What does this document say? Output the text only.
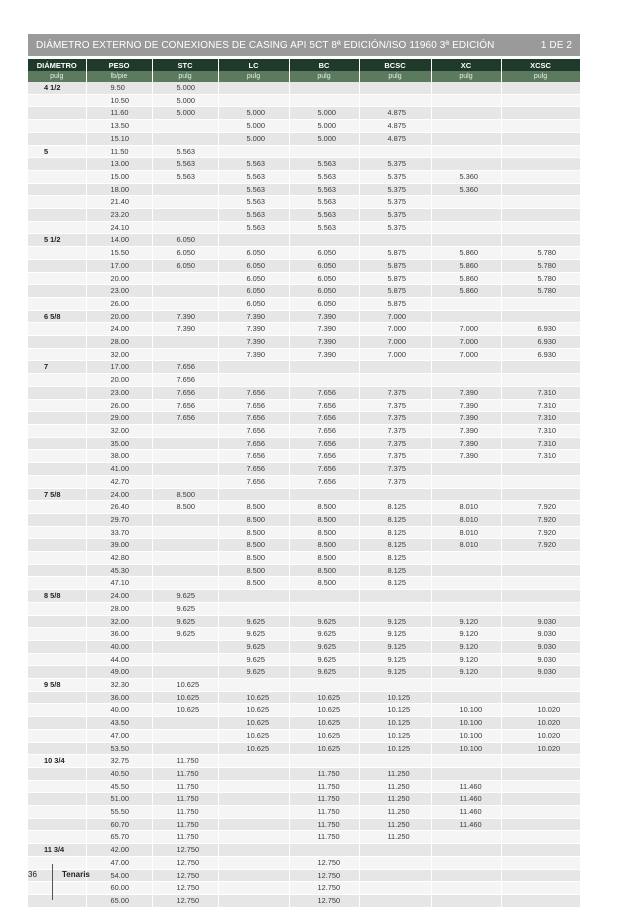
DIÁMETRO EXTERNO DE CONEXIONES DE CASING API 5CT 8ª EDICIÓN/ISO 11960 3ª EDICIÓN	1 DE 2
DIÁMETRO	PESO	STC	LC	BC	BCSC	XC	XCSC
pulg	lb/pie	pulg	pulg	pulg	pulg	pulg	pulg
4 1/2	9.50	5.000					
	10.50	5.000					
	11.60	5.000	5.000	5.000	4.875		
	13.50		5.000	5.000	4.875		
	15.10		5.000	5.000	4.875		
5	11.50	5.563					
	13.00	5.563	5.563	5.563	5.375		
	15.00	5.563	5.563	5.563	5.375	5.360	
	18.00		5.563	5.563	5.375	5.360	
	21.40		5.563	5.563	5.375		
	23.20		5.563	5.563	5.375		
	24.10		5.563	5.563	5.375		
5 1/2	14.00	6.050					
	15.50	6.050	6.050	6.050	5.875	5.860	5.780
	17.00	6.050	6.050	6.050	5.875	5.860	5.780
	20.00		6.050	6.050	5.875	5.860	5.780
	23.00		6.050	6.050	5.875	5.860	5.780
	26.00		6.050	6.050	5.875		
6 5/8	20.00	7.390	7.390	7.390	7.000		
	24.00	7.390	7.390	7.390	7.000	7.000	6.930
	28.00		7.390	7.390	7.000	7.000	6.930
	32.00		7.390	7.390	7.000	7.000	6.930
7	17.00	7.656					
	20.00	7.656					
	23.00	7.656	7.656	7.656	7.375	7.390	7.310
	26.00	7.656	7.656	7.656	7.375	7.390	7.310
	29.00	7.656	7.656	7.656	7.375	7.390	7.310
	32.00		7.656	7.656	7.375	7.390	7.310
	35.00		7.656	7.656	7.375	7.390	7.310
	38.00		7.656	7.656	7.375	7.390	7.310
	41.00		7.656	7.656	7.375		
	42.70		7.656	7.656	7.375		
7 5/8	24.00	8.500					
	26.40	8.500	8.500	8.500	8.125	8.010	7.920
	29.70		8.500	8.500	8.125	8.010	7.920
	33.70		8.500	8.500	8.125	8.010	7.920
	39.00		8.500	8.500	8.125	8.010	7.920
	42.80		8.500	8.500	8.125		
	45.30		8.500	8.500	8.125		
	47.10		8.500	8.500	8.125		
8 5/8	24.00	9.625					
	28.00	9.625					
	32.00	9.625	9.625	9.625	9.125	9.120	9.030
	36.00	9.625	9.625	9.625	9.125	9.120	9.030
	40.00		9.625	9.625	9.125	9.120	9.030
	44.00		9.625	9.625	9.125	9.120	9.030
	49.00		9.625	9.625	9.125	9.120	9.030
9 5/8	32.30	10.625					
	36.00	10.625	10.625	10.625	10.125		
	40.00	10.625	10.625	10.625	10.125	10.100	10.020
	43.50		10.625	10.625	10.125	10.100	10.020
	47.00		10.625	10.625	10.125	10.100	10.020
	53.50		10.625	10.625	10.125	10.100	10.020
10 3/4	32.75	11.750					
	40.50	11.750		11.750	11.250		
	45.50	11.750		11.750	11.250	11.460	
	51.00	11.750		11.750	11.250	11.460	
	55.50	11.750		11.750	11.250	11.460	
	60.70	11.750		11.750	11.250	11.460	
	65.70	11.750		11.750	11.250		
11 3/4	42.00	12.750					
	47.00	12.750		12.750			
	54.00	12.750		12.750			
	60.00	12.750		12.750			
	65.00	12.750		12.750			
36	Tenaris
